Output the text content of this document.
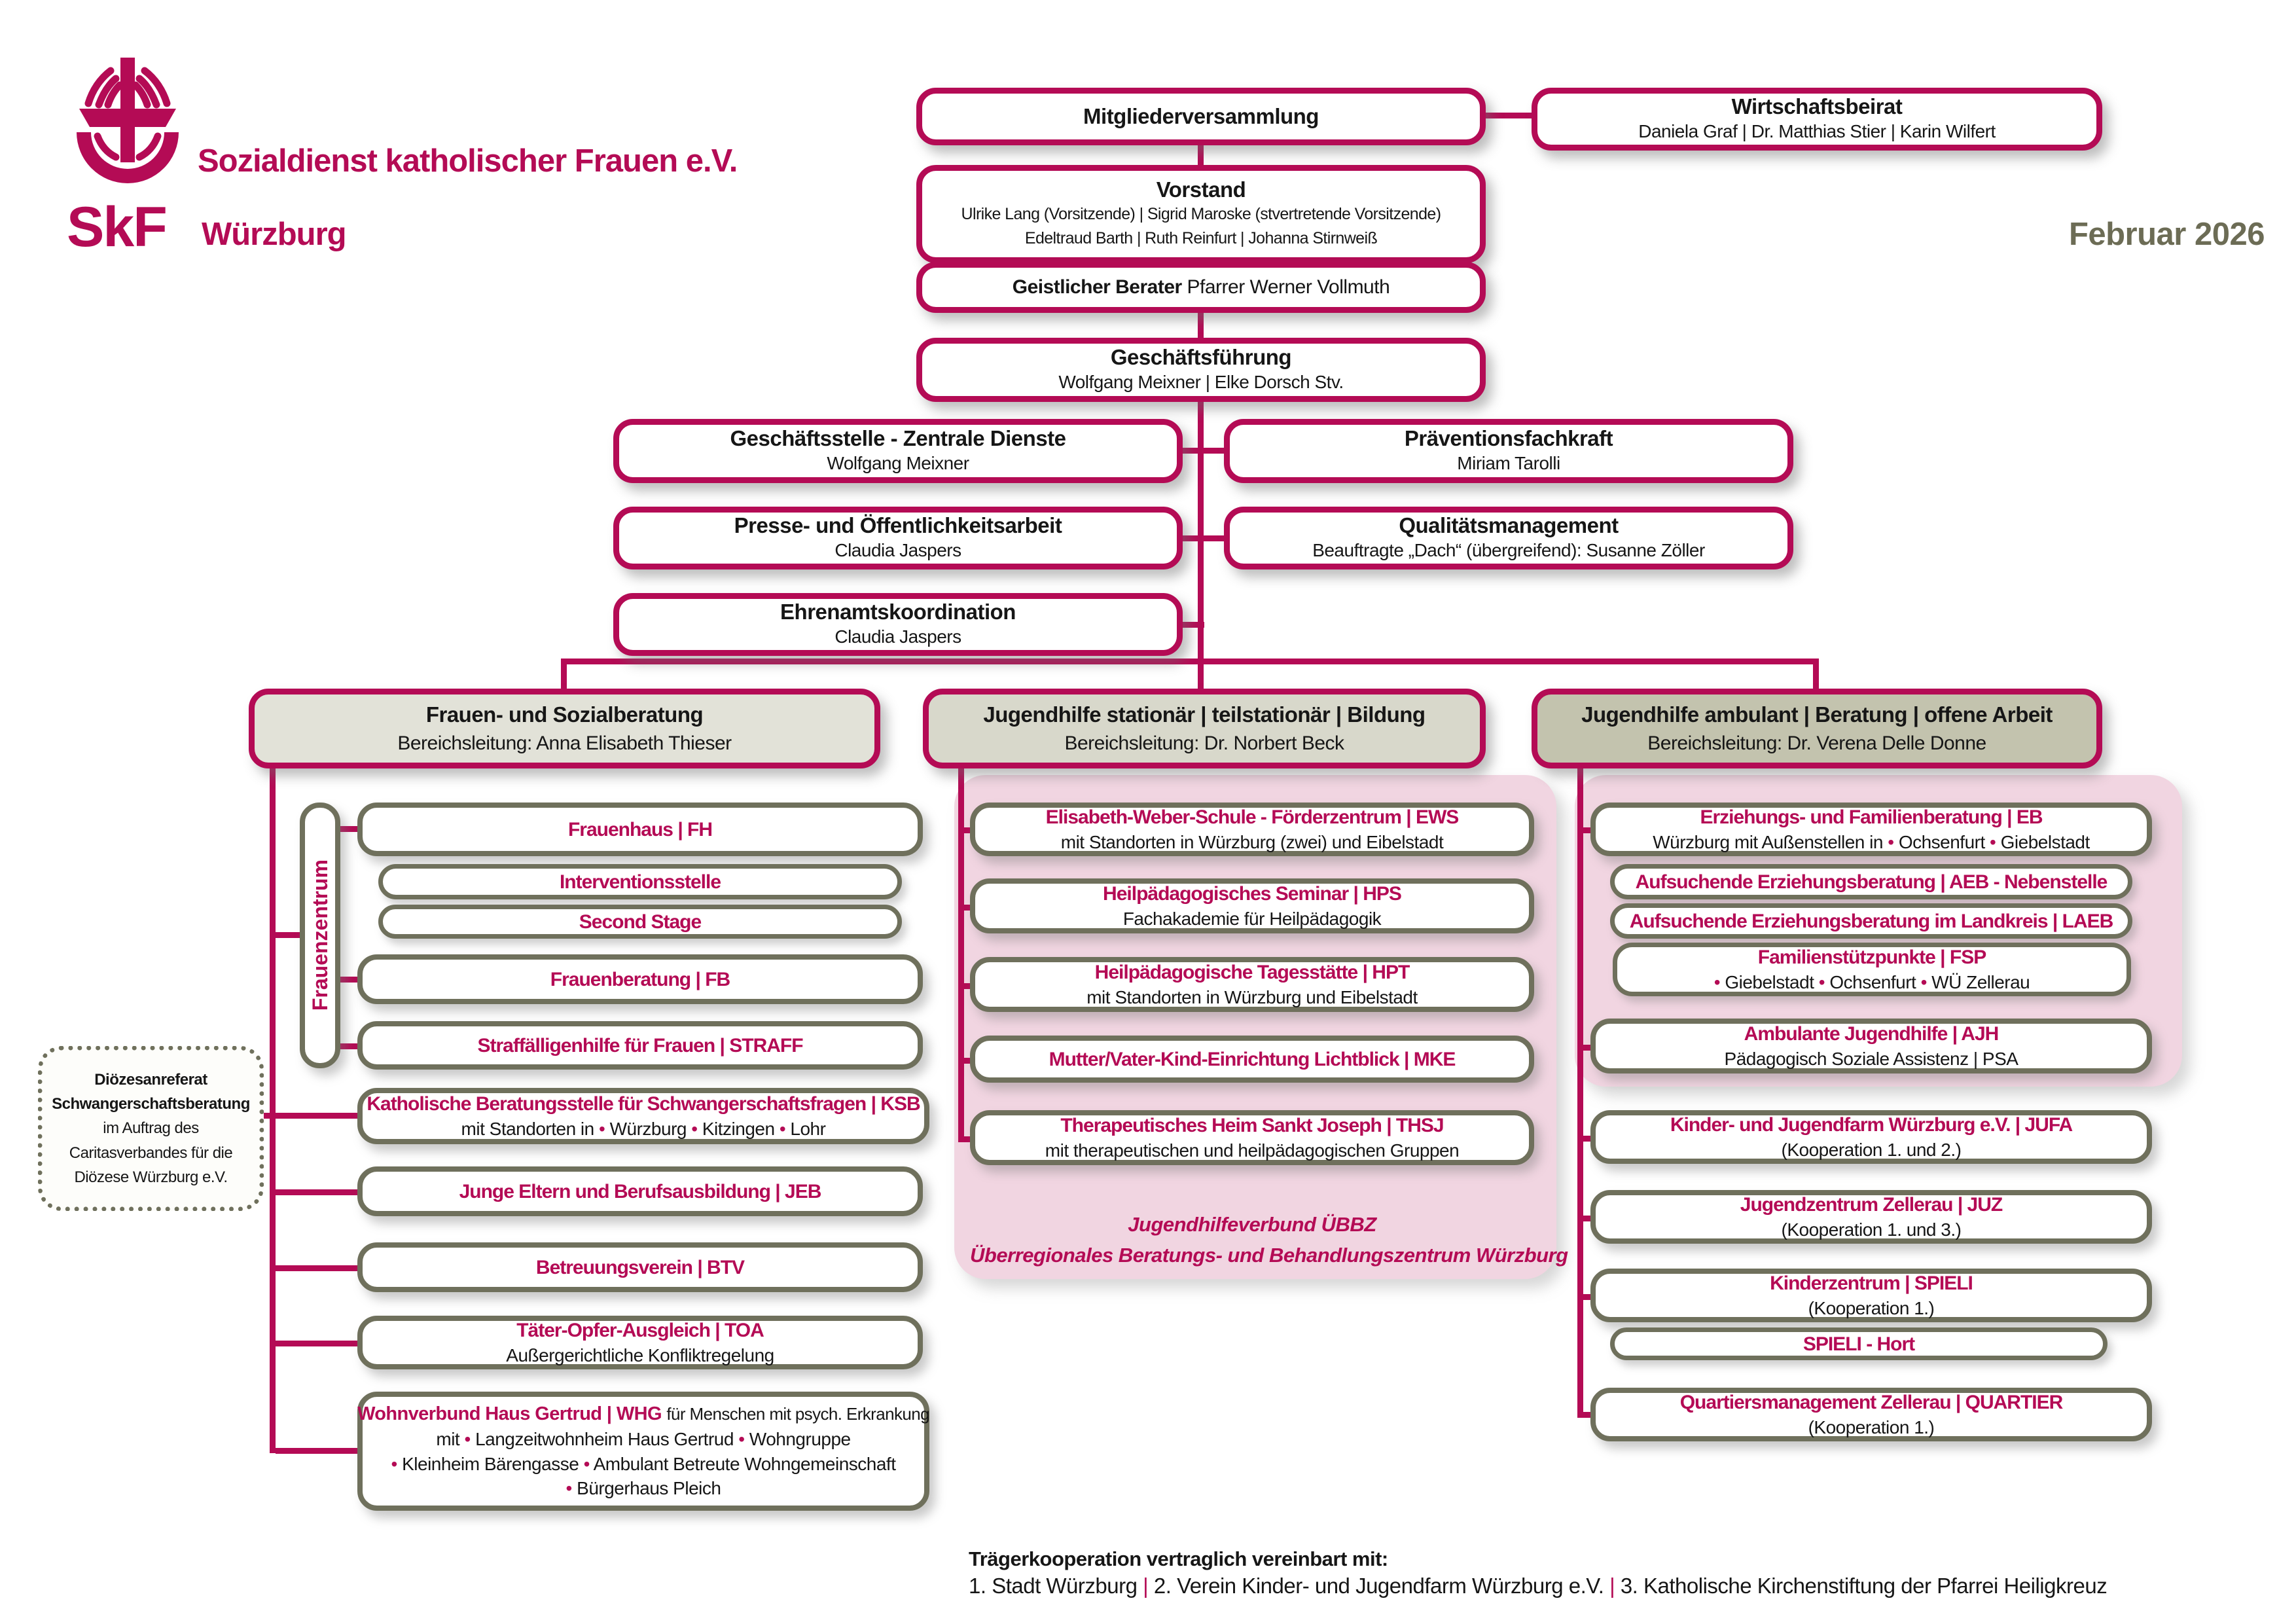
Sozialdienst katholischer Frauen e.V.
SkF Würzburg	Februar 2026
Mitgliederversammlung	Wirtschaftsbeirat
Daniela Graf | Dr. Matthias Stier | Karin Wilfert
Vorstand
Ulrike Lang (Vorsitzende) | Sigrid Maroske (stvertretende Vorsitzende)
Edeltraud Barth | Ruth Reinfurt | Johanna Stirnweiß
Geistlicher Berater Pfarrer Werner Vollmuth
Geschäftsführung
Wolfgang Meixner | Elke Dorsch Stv.
Geschäftsstelle - Zentrale Dienste
Wolfgang Meixner
Präventionsfachkraft
Miriam Tarolli
Presse- und Öffentlichkeitsarbeit
Claudia Jaspers
Qualitätsmanagement
Beauftragte „Dach“ (übergreifend): Susanne Zöller
Ehrenamtskoordination
Claudia Jaspers
Frauen- und Sozialberatung
Bereichsleitung: Anna Elisabeth Thieser
Jugendhilfe stationär | teilstationär | Bildung
Bereichsleitung: Dr. Norbert Beck
Jugendhilfe ambulant | Beratung | offene Arbeit
Bereichsleitung: Dr. Verena Delle Donne
Frauenzentrum
Frauenhaus | FH
Interventionsstelle
Second Stage
Frauenberatung | FB
Straffälligenhilfe für Frauen | STRAFF
Katholische Beratungsstelle für Schwangerschaftsfragen | KSB
mit Standorten in • Würzburg • Kitzingen • Lohr
Junge Eltern und Berufsausbildung | JEB
Betreuungsverein | BTV
Täter-Opfer-Ausgleich | TOA
Außergerichtliche Konfliktregelung
Wohnverbund Haus Gertrud | WHG für Menschen mit psych. Erkrankung
mit • Langzeitwohnheim Haus Gertrud • Wohngruppe
• Kleinheim Bärengasse • Ambulant Betreute Wohngemeinschaft
• Bürgerhaus Pleich
Diözesanreferat
Schwangerschaftsberatung
im Auftrag des
Caritasverbandes für die
Diözese Würzburg e.V.
Elisabeth-Weber-Schule - Förderzentrum | EWS
mit Standorten in Würzburg (zwei) und Eibelstadt
Heilpädagogisches Seminar | HPS
Fachakademie für Heilpädagogik
Heilpädagogische Tagesstätte | HPT
mit Standorten in Würzburg und Eibelstadt
Mutter/Vater-Kind-Einrichtung Lichtblick | MKE
Therapeutisches Heim Sankt Joseph | THSJ
mit therapeutischen und heilpädagogischen Gruppen
Jugendhilfeverbund ÜBBZ
Überregionales Beratungs- und Behandlungszentrum Würzburg
Erziehungs- und Familienberatung | EB
Würzburg mit Außenstellen in • Ochsenfurt • Giebelstadt
Aufsuchende Erziehungsberatung | AEB - Nebenstelle
Aufsuchende Erziehungsberatung im Landkreis | LAEB
Familienstützpunkte | FSP
• Giebelstadt • Ochsenfurt • WÜ Zellerau
Ambulante Jugendhilfe | AJH
Pädagogisch Soziale Assistenz | PSA
Kinder- und Jugendfarm Würzburg e.V. | JUFA
(Kooperation 1. und 2.)
Jugendzentrum Zellerau | JUZ
(Kooperation 1. und 3.)
Kinderzentrum | SPIELI
(Kooperation 1.)
SPIELI - Hort
Quartiersmanagement Zellerau | QUARTIER
(Kooperation 1.)
Trägerkooperation vertraglich vereinbart mit:
1. Stadt Würzburg | 2. Verein Kinder- und Jugendfarm Würzburg e.V. | 3. Katholische Kirchenstiftung der Pfarrei Heiligkreuz
